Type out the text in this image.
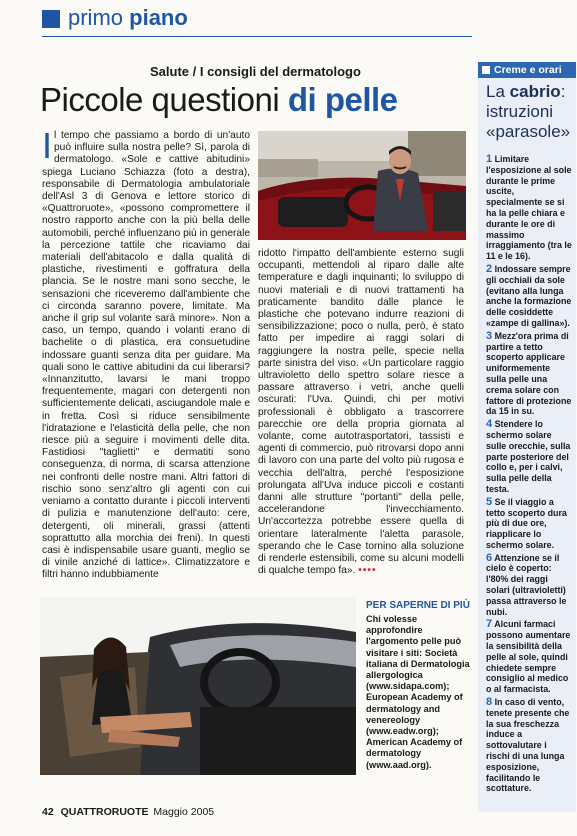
primo piano
Salute / I consigli del dermatologo
Piccole questioni di pelle

Il tempo che passiamo a bordo di un'auto può influire sulla nostra pelle? Sì, parola di dermatologo. «Sole e cattive abitudini» spiega Luciano Schiazza (foto a destra), responsabile di Dermatologia ambulatoriale dell'Asl 3 di Genova e lettore storico di «Quattroruote», «possono compromettere il nostro rapporto anche con la più bella delle automobili, perché influenzano più in generale la percezione tattile che ricaviamo dai materiali dell'abitacolo e dalla qualità di plastiche, rivestimenti e goffratura della plancia. Se le nostre mani sono secche, le sensazioni che riceveremo dall'ambiente che ci circonda saranno povere, limitate. Ma anche il grip sul volante sarà minore». Non a caso, un tempo, quando i volanti erano di bachelite o di plastica, era consuetudine indossare guanti senza dita per guidare. Ma quali sono le cattive abitudini da cui liberarsi? «Innanzitutto, lavarsi le mani troppo frequentemente, magari con detergenti non sufficientemente delicati, asciugandole male e in fretta. Così si riduce sensibilmente l'idratazione e l'elasticità della pelle, che non riesce più a seguire i movimenti delle dita. Fastidiosi "taglietti" e dermatiti sono conseguenza, di norma, di scarsa attenzione nei confronti delle nostre mani. Altri fattori di rischio sono senz'altro gli agenti con cui veniamo a contatto durante i piccoli interventi di pulizia e manutenzione dell'auto: cere, detergenti, oli minerali, grassi (attenti soprattutto alla morchia dei freni). In questi casi è indispensabile usare guanti, meglio se di vinile anziché di lattice». Climatizzatore e filtri hanno indubbiamente

ridotto l'impatto dell'ambiente esterno sugli occupanti, mettendoli al riparo dalle alte temperature e dagli inquinanti; lo sviluppo di nuovi materiali e di nuovi trattamenti ha praticamente bandito dalle plance le plastiche che potevano indurre reazioni di sensibilizzazione; poco o nulla, però, è stato fatto per impedire ai raggi solari di raggiungere la nostra pelle, specie nella parte sinistra del viso. «Un particolare raggio ultravioletto dello spettro solare riesce a passare attraverso i vetri, anche quelli oscurati: l'Uva. Quindi, chi per motivi professionali è obbligato a trascorrere parecchie ore della propria giornata al volante, come autotrasportatori, tassisti e agenti di commercio, può ritrovarsi dopo anni di lavoro con una parte del volto più rugosa e vecchia dell'altra, perché l'esposizione prolungata all'Uva induce piccoli e costanti danni alle strutture "portanti" della pelle, accelerandone l'invecchiamento. Un'accortezza potrebbe essere quella di orientare lateralmente l'aletta parasole, sperando che le Case tornino alla soluzione di renderle estensibili, come su alcuni modelli di qualche tempo fa». ••••

PER SAPERNE DI PIÙ
Chi volesse approfondire l'argomento pelle può visitare i siti: Società italiana di Dermatologia allergologica (www.sidapa.com); European Academy of dermatology and venereology (www.eadw.org); American Academy of dermatology (www.aad.org).
Creme e orari
La cabrio: istruzioni «parasole»
1 Limitare l'esposizione al sole durante le prime uscite, specialmente se si ha la pelle chiara e durante le ore di massimo irraggiamento (tra le 11 e le 16).
2 Indossare sempre gli occhiali da sole (evitano alla lunga anche la formazione delle cosiddette «zampe di gallina»).
3 Mezz'ora prima di partire a tetto scoperto applicare uniformemente sulla pelle una crema solare con fattore di protezione da 15 in su.
4 Stendere lo schermo solare sulle orecchie, sulla parte posteriore del collo e, per i calvi, sulla pelle della testa.
5 Se il viaggio a tetto scoperto dura più di due ore, riapplicare lo schermo solare.
6 Attenzione se il cielo è coperto: l'80% dei raggi solari (ultravioletti) passa attraverso le nubi.
7 Alcuni farmaci possono aumentare la sensibilità della pelle al sole, quindi chiedete sempre consiglio al medico o al farmacista.
8 In caso di vento, tenete presente che la sua freschezza induce a sottovalutare i rischi di una lunga esposizione, facilitando le scottature.
42 QUATTRORUOTE Maggio 2005
